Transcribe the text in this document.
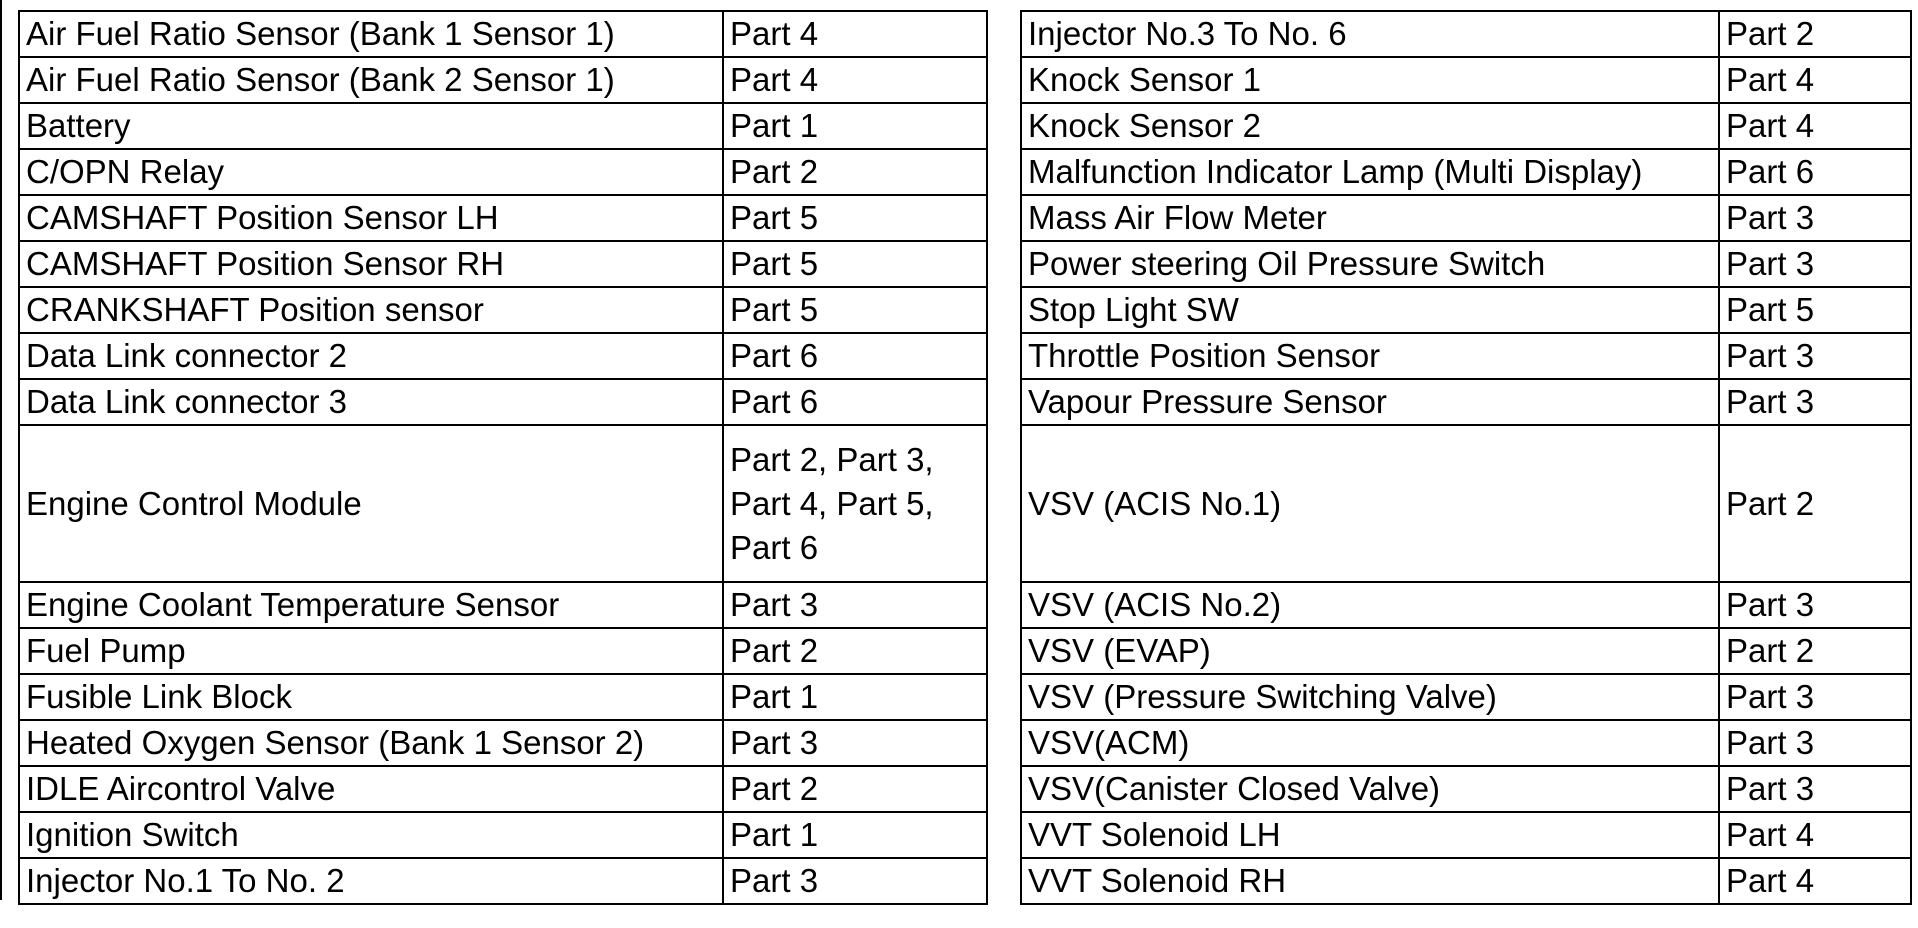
Air Fuel Ratio Sensor (Bank 1 Sensor 1)	Part 4
Air Fuel Ratio Sensor (Bank 2 Sensor 1)	Part 4
Battery	Part 1
C/OPN Relay	Part 2
CAMSHAFT Position Sensor LH	Part 5
CAMSHAFT Position Sensor RH	Part 5
CRANKSHAFT Position sensor	Part 5
Data Link connector 2	Part 6
Data Link connector 3	Part 6
Engine Control Module	Part 2, Part 3, Part 4, Part 5, Part 6
Engine Coolant Temperature Sensor	Part 3
Fuel Pump	Part 2
Fusible Link Block	Part 1
Heated Oxygen Sensor (Bank 1 Sensor 2)	Part 3
IDLE Aircontrol Valve	Part 2
Ignition Switch	Part 1
Injector No.1 To No. 2	Part 3
Injector No.3 To No. 6	Part 2
Knock Sensor 1	Part 4
Knock Sensor 2	Part 4
Malfunction Indicator Lamp (Multi Display)	Part 6
Mass Air Flow Meter	Part 3
Power steering Oil Pressure Switch	Part 3
Stop Light SW	Part 5
Throttle Position Sensor	Part 3
Vapour Pressure Sensor	Part 3
VSV (ACIS No.1)	Part 2
VSV (ACIS No.2)	Part 3
VSV (EVAP)	Part 2
VSV (Pressure Switching Valve)	Part 3
VSV(ACM)	Part 3
VSV(Canister Closed Valve)	Part 3
VVT Solenoid LH	Part 4
VVT Solenoid RH	Part 4
